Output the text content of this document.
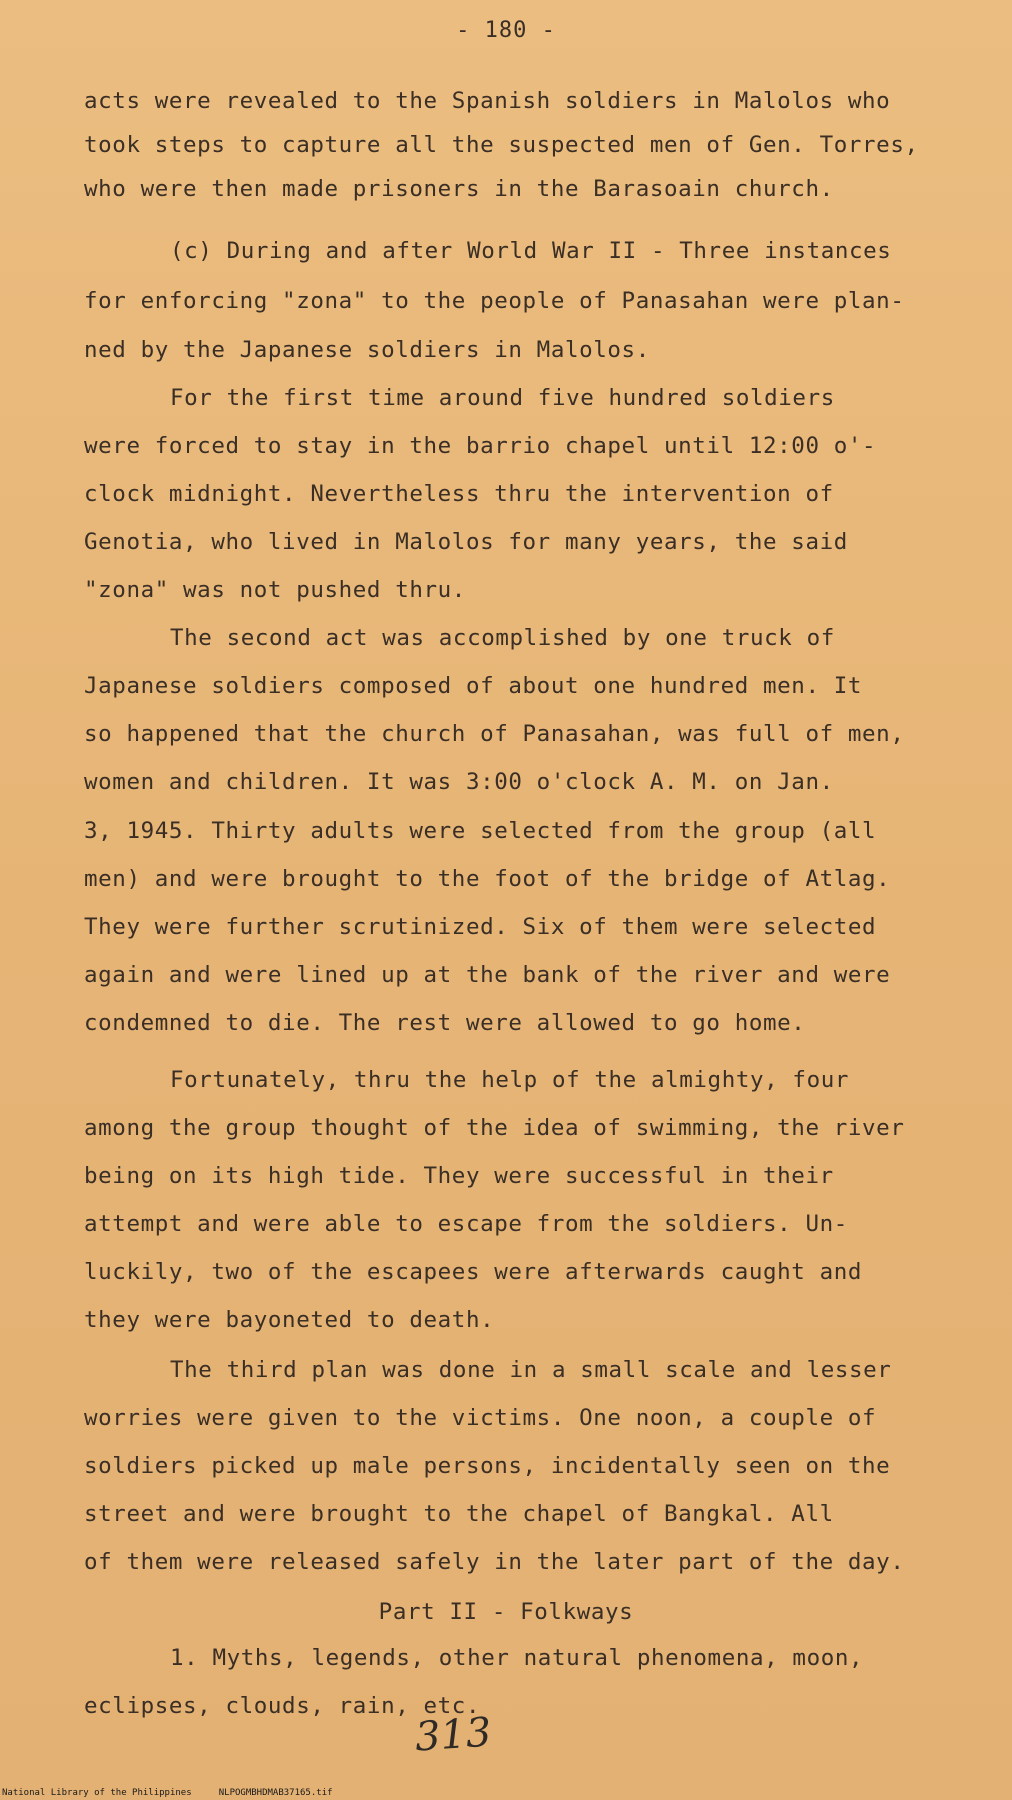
- 180 -
acts were revealed to the Spanish soldiers in Malolos who
took steps to capture all the suspected men of Gen. Torres,
who were then made prisoners in the Barasoain church.
(c) During and after World War II - Three instances
for enforcing "zona" to the people of Panasahan were plan-
ned by the Japanese soldiers in Malolos.
For the first time around five hundred soldiers
were forced to stay in the barrio chapel until 12:00 o'-
clock midnight. Nevertheless thru the intervention of
Genotia, who lived in Malolos for many years, the said
"zona" was not pushed thru.
The second act was accomplished by one truck of
Japanese soldiers composed of about one hundred men. It
so happened that the church of Panasahan, was full of men,
women and children. It was 3:00 o'clock A. M. on Jan.
3, 1945. Thirty adults were selected from the group (all
men) and were brought to the foot of the bridge of Atlag.
They were further scrutinized. Six of them were selected
again and were lined up at the bank of the river and were
condemned to die. The rest were allowed to go home.
Fortunately, thru the help of the almighty, four
among the group thought of the idea of swimming, the river
being on its high tide. They were successful in their
attempt and were able to escape from the soldiers. Un-
luckily, two of the escapees were afterwards caught and
they were bayoneted to death.
The third plan was done in a small scale and lesser
worries were given to the victims. One noon, a couple of
soldiers picked up male persons, incidentally seen on the
street and were brought to the chapel of Bangkal. All
of them were released safely in the later part of the day.
Part II - Folkways
1. Myths, legends, other natural phenomena, moon,
eclipses, clouds, rain, etc.
313
National Library of the Philippines     NLPOGMBHDMAB37165.tif
